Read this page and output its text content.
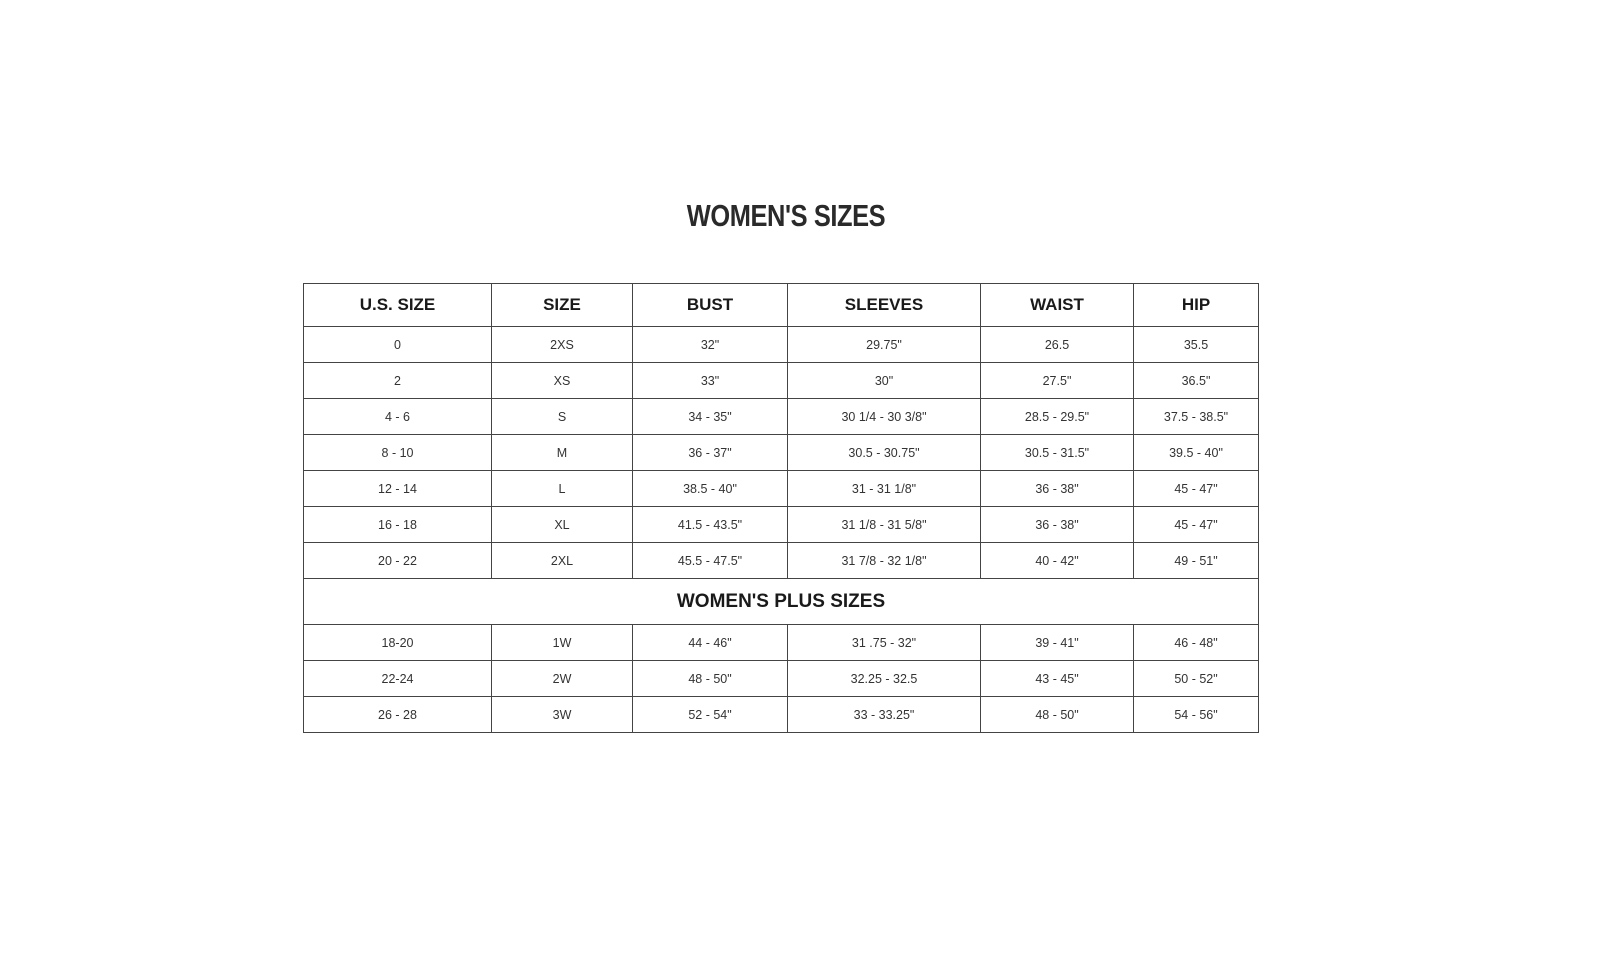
WOMEN'S SIZES
U.S. SIZE	SIZE	BUST	SLEEVES	WAIST	HIP
0	2XS	32"	29.75"	26.5	35.5
2	XS	33"	30"	27.5"	36.5"
4 - 6	S	34 - 35"	30 1/4 - 30 3/8"	28.5 - 29.5"	37.5 - 38.5"
8 - 10	M	36 - 37"	30.5 - 30.75"	30.5 - 31.5"	39.5 - 40"
12 - 14	L	38.5 - 40"	31 - 31 1/8"	36 - 38"	45 - 47"
16 - 18	XL	41.5 - 43.5"	31 1/8 - 31 5/8"	36 - 38"	45 - 47"
20 - 22	2XL	45.5 - 47.5"	31 7/8 - 32 1/8"	40 - 42"	49 - 51"
WOMEN'S PLUS SIZES					
18-20	1W	44 - 46"	31 .75 - 32"	39 - 41"	46 - 48"
22-24	2W	48 - 50"	32.25 - 32.5	43 - 45"	50 - 52"
26 - 28	3W	52 - 54"	33 - 33.25"	48 - 50"	54 - 56"
